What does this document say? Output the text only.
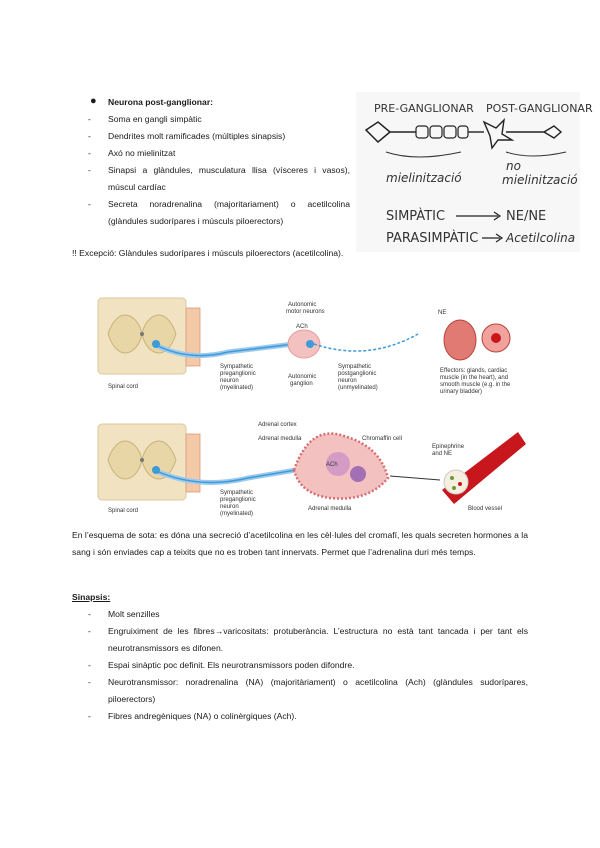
● Neurona post-ganglionar:
- Soma en gangli simpàtic
- Dendrites molt ramificades (múltiples sinapsis)
- Axó no mielinitzat
- Sinapsi a glàndules, musculatura llisa (vísceres i vasos), múscul cardíac
- Secreta noradrenalina (majoritariament) o acetilcolina (glàndules sudorípares i músculs piloerectors)
PRE-GANGLIONAR POST-GANGLIONAR
mielinització
no
mielinització
SIMPÀTIC	NE/NE
PARASIMPÀTIC Acetilcolina
!! Excepció: Glàndules sudorípares i músculs piloerectors (acetilcolina).
Spinal cord
Autonomic
motor neurons
Sympathetic
preganglionic
neuron
(myelinated)
ACh
Autonomic
ganglion
Sympathetic
postganglionic
neuron
(unmyelinated)
NE
Effectors: glands, cardiac
muscle (in the heart), and
smooth muscle (e.g. in the
urinary bladder)
Spinal cord
Adrenal cortex
Adrenal medulla	Chromaffin cell
ACh
Sympathetic
preganglionic
neuron
(myelinated)
Adrenal medulla
Epinephrine
and NE
Blood vessel
En l’esquema de sota: es dóna una secreció d’acetilcolina en les cèl·lules del cromafí, les quals secreten hormones a la sang i són enviades cap a teixits que no es troben tant innervats. Permet que l’adrenalina duri més temps.
Sinapsis:
- Molt senzilles
- Engruiximent de les fibres→varicositats: protuberància. L’estructura no està tant tancada i per tant els neurotransmissors es difonen.
- Espai sinàptic poc definit. Els neurotransmissors poden difondre.
- Neurotransmissor: noradrenalina (NA) (majoritàriament) o acetilcolina (Ach) (glàndules sudorípares, piloerectors)
- Fibres andregèniques (NA) o colinèrgiques (Ach).
